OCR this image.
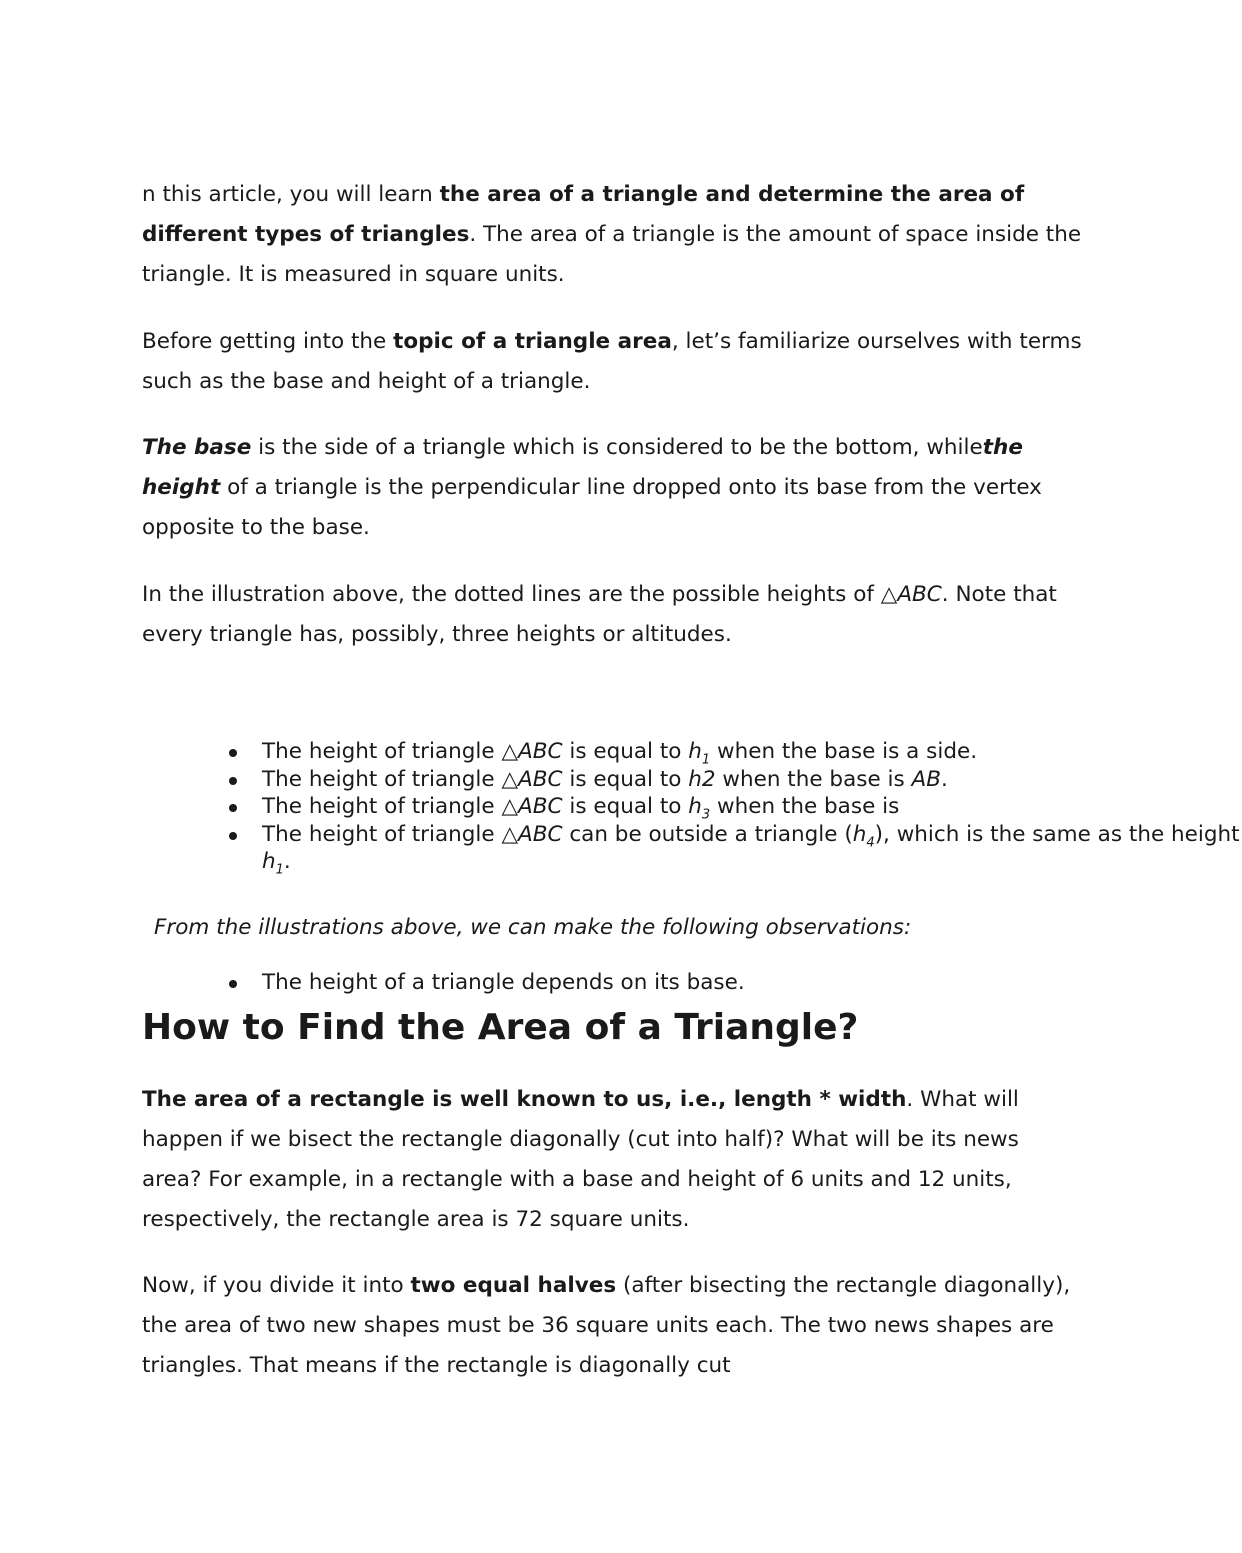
n this article, you will learn the area of a triangle and determine the area of different types of triangles. The area of a triangle is the amount of space inside the triangle. It is measured in square units.

Before getting into the topic of a triangle area, let’s familiarize ourselves with terms such as the base and height of a triangle.

The base is the side of a triangle which is considered to be the bottom, whilethe height of a triangle is the perpendicular line dropped onto its base from the vertex opposite to the base.

In the illustration above, the dotted lines are the possible heights of △ABC. Note that every triangle has, possibly, three heights or altitudes.

The height of triangle △ABC is equal to $h_1$ when the base is a side.
The height of triangle △ABC is equal to h2 when the base is AB.
The height of triangle △ABC is equal to $h_3$ when the base is
The height of triangle △ABC can be outside a triangle $(h_4)$, which is the same as the height $h_1$.

From the illustrations above, we can make the following observations:

The height of a triangle depends on its base.
How to Find the Area of a Triangle?

The area of a rectangle is well known to us, i.e., length * width. What will happen if we bisect the rectangle diagonally (cut into half)? What will be its news area? For example, in a rectangle with a base and height of 6 units and 12 units, respectively, the rectangle area is 72 square units.

Now, if you divide it into two equal halves (after bisecting the rectangle diagonally), the area of two new shapes must be 36 square units each. The two news shapes are triangles. That means if the rectangle is diagonally cut
